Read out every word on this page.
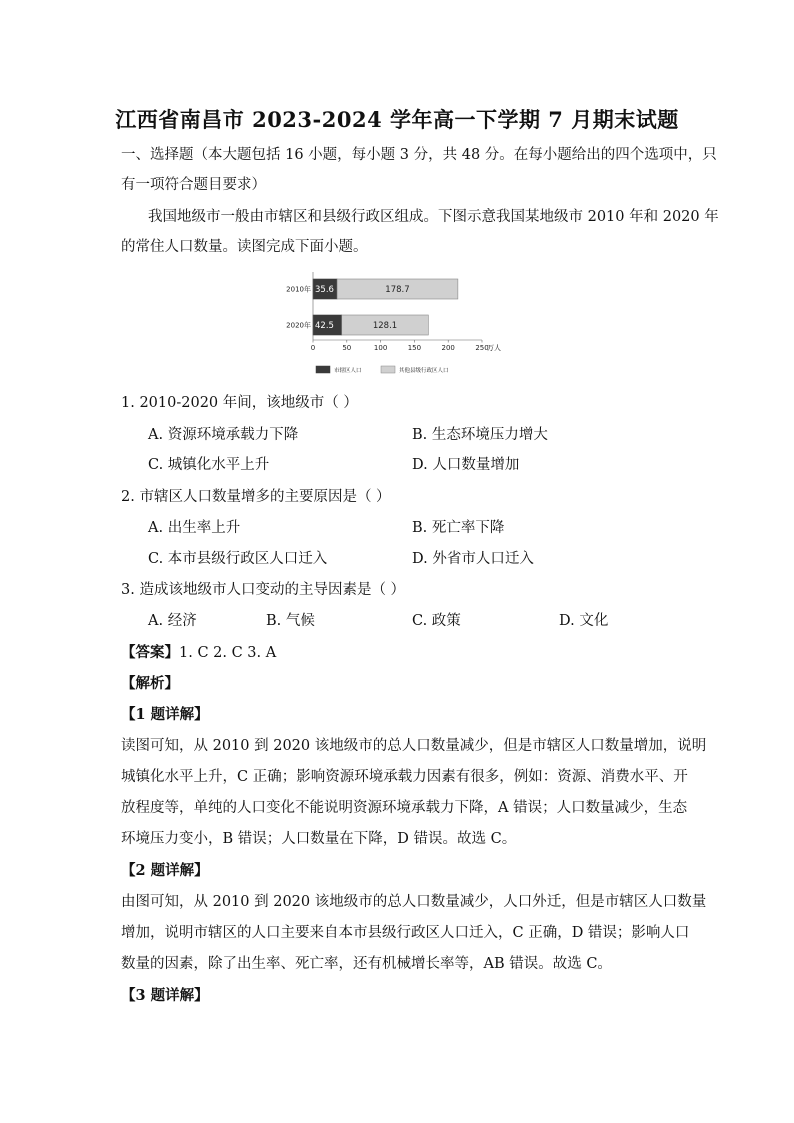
江西省南昌市 2023-2024 学年高一下学期 7 月期末试题
一、选择题（本大题包括 16 小题，每小题 3 分，共 48 分。在每小题给出的四个选项中，只
有一项符合题目要求）
我国地级市一般由市辖区和县级行政区组成。下图示意我国某地级市 2010 年和 2020 年
的常住人口数量。读图完成下面小题。
2010年 35.6	178.7
2020年 42.5	128.1
0	50	100	150	200	250
万人
市辖区人口	其他县级行政区人口
1. 2010-2020 年间，该地级市（ ）
A. 资源环境承载力下降	B. 生态环境压力增大
C. 城镇化水平上升	D. 人口数量增加
2. 市辖区人口数量增多的主要原因是（ ）
A. 出生率上升	B. 死亡率下降
C. 本市县级行政区人口迁入	D. 外省市人口迁入
3. 造成该地级市人口变动的主导因素是（ ）
A. 经济	B. 气候	C. 政策	D. 文化
【答案】1. C 2. C 3. A
【解析】
【1 题详解】
读图可知，从 2010 到 2020 该地级市的总人口数量减少，但是市辖区人口数量增加，说明
城镇化水平上升，C 正确；影响资源环境承载力因素有很多，例如：资源、消费水平、开
放程度等，单纯的人口变化不能说明资源环境承载力下降，A 错误；人口数量减少，生态
环境压力变小，B 错误；人口数量在下降，D 错误。故选 C。
【2 题详解】
由图可知，从 2010 到 2020 该地级市的总人口数量减少，人口外迁，但是市辖区人口数量
增加，说明市辖区的人口主要来自本市县级行政区人口迁入，C 正确，D 错误；影响人口
数量的因素，除了出生率、死亡率，还有机械增长率等，AB 错误。故选 C。
【3 题详解】
